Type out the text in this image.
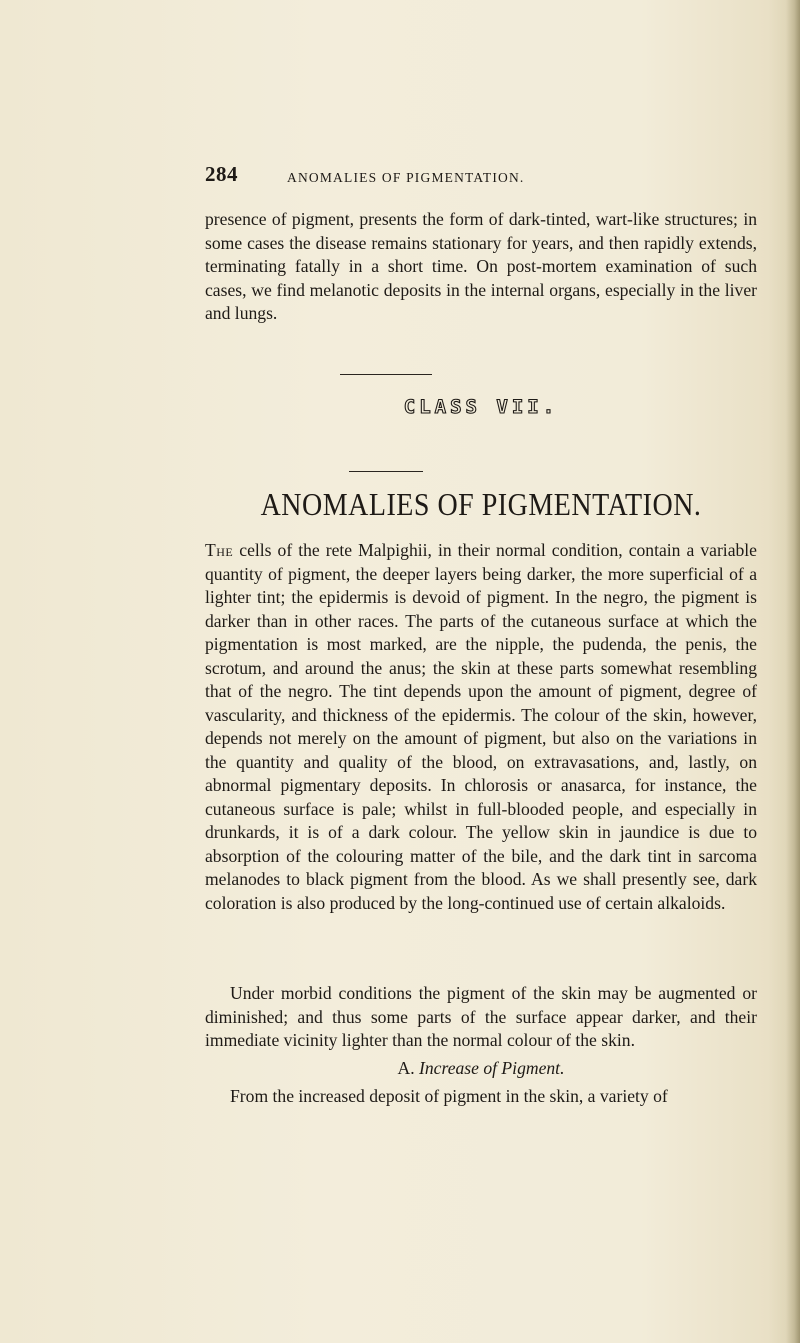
284	ANOMALIES OF PIGMENTATION.

presence of pigment, presents the form of dark-tinted, wart-like structures; in some cases the disease remains stationary for years, and then rapidly extends, terminating fatally in a short time. On post-mortem examination of such cases, we find melanotic deposits in the internal organs, especially in the liver and lungs.

CLASS VII.
ANOMALIES OF PIGMENTATION.

The cells of the rete Malpighii, in their normal condition, contain a variable quantity of pigment, the deeper layers being darker, the more superficial of a lighter tint; the epidermis is devoid of pigment. In the negro, the pigment is darker than in other races. The parts of the cutaneous surface at which the pigmentation is most marked, are the nipple, the pudenda, the penis, the scrotum, and around the anus; the skin at these parts somewhat resembling that of the negro. The tint depends upon the amount of pigment, degree of vascularity, and thickness of the epidermis. The colour of the skin, however, depends not merely on the amount of pigment, but also on the variations in the quantity and quality of the blood, on extravasations, and, lastly, on abnormal pigmentary deposits. In chlorosis or anasarca, for instance, the cutaneous surface is pale; whilst in full-blooded people, and especially in drunkards, it is of a dark colour. The yellow skin in jaundice is due to absorption of the colouring matter of the bile, and the dark tint in sarcoma melanodes to black pigment from the blood. As we shall presently see, dark coloration is also produced by the long-continued use of certain alkaloids.

Under morbid conditions the pigment of the skin may be augmented or diminished; and thus some parts of the surface appear darker, and their immediate vicinity lighter than the normal colour of the skin.

A. Increase of Pigment.

From the increased deposit of pigment in the skin, a variety of
